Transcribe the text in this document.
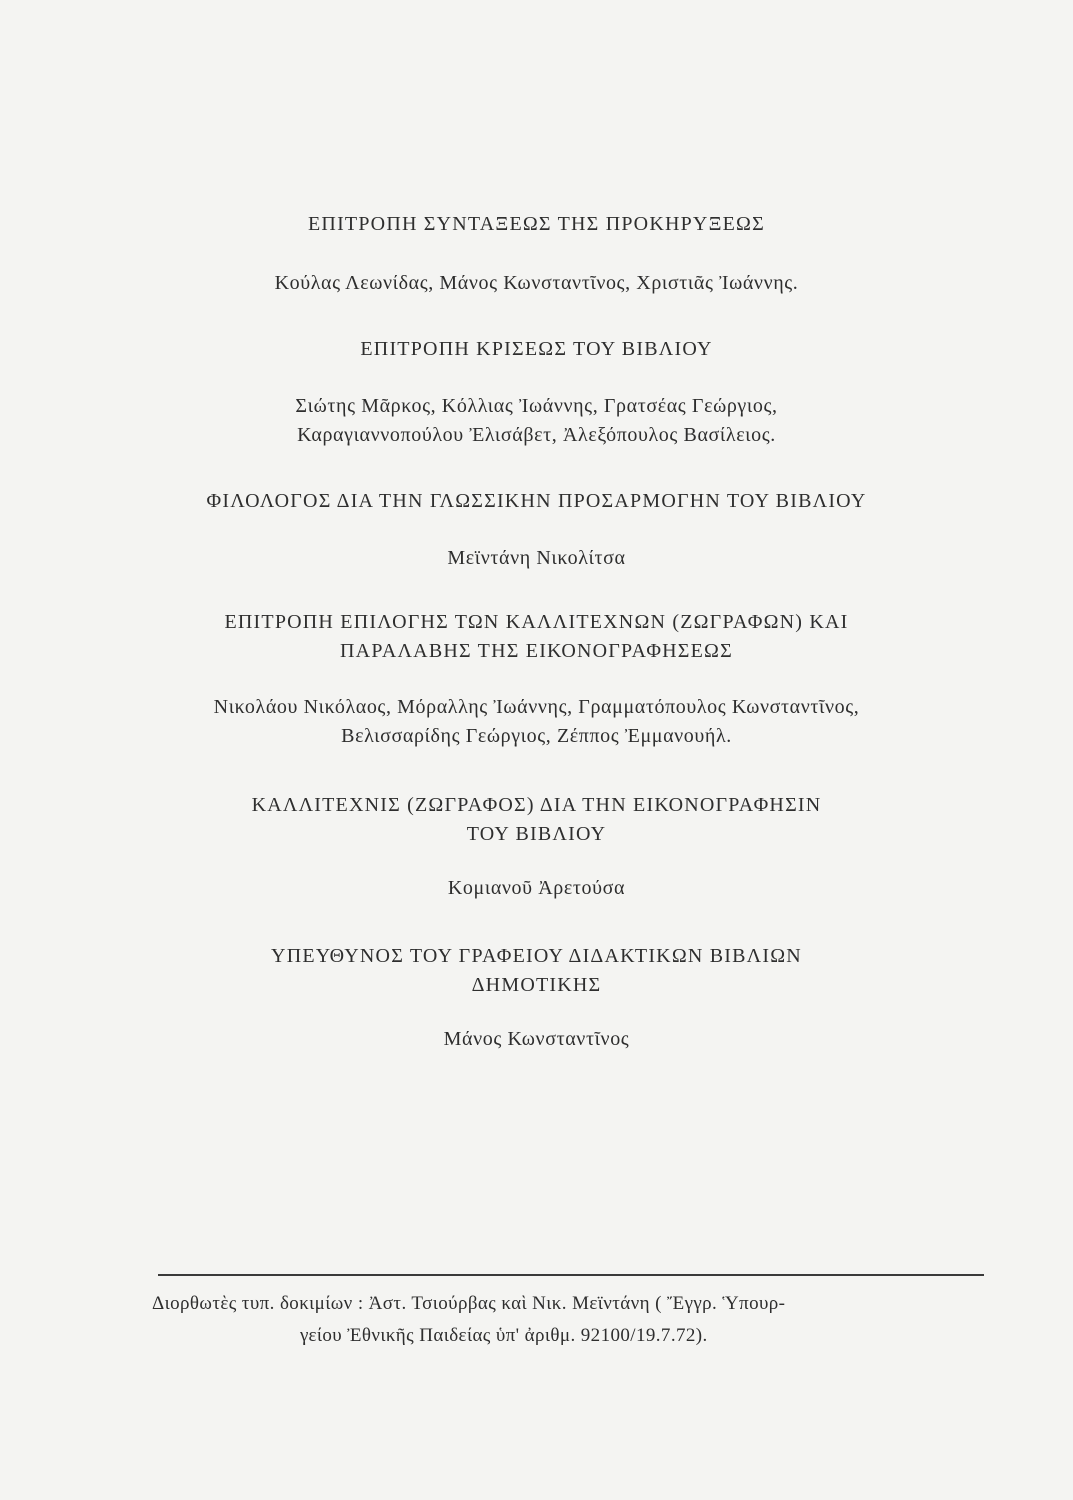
ΕΠΙΤΡΟΠΗ ΣΥΝΤΑΞΕΩΣ ΤΗΣ ΠΡΟΚΗΡΥΞΕΩΣ
Κούλας Λεωνίδας, Μάνος Κωνσταντῖνος, Χριστιᾶς Ἰωάννης.
ΕΠΙΤΡΟΠΗ ΚΡΙΣΕΩΣ ΤΟΥ ΒΙΒΛΙΟΥ
Σιώτης Μᾶρκος, Κόλλιας Ἰωάννης, Γρατσέας Γεώργιος,
Καραγιαννοπούλου Ἐλισάβετ, Ἀλεξόπουλος Βασίλειος.
ΦΙΛΟΛΟΓΟΣ ΔΙΑ ΤΗΝ ΓΛΩΣΣΙΚΗΝ ΠΡΟΣΑΡΜΟΓΗΝ ΤΟΥ ΒΙΒΛΙΟΥ
Μεϊντάνη Νικολίτσα
ΕΠΙΤΡΟΠΗ ΕΠΙΛΟΓΗΣ ΤΩΝ ΚΑΛΛΙΤΕΧΝΩΝ (ΖΩΓΡΑΦΩΝ) ΚΑΙ
ΠΑΡΑΛΑΒΗΣ ΤΗΣ ΕΙΚΟΝΟΓΡΑΦΗΣΕΩΣ
Νικολάου Νικόλαος, Μόραλλης Ἰωάννης, Γραμματόπουλος Κωνσταντῖνος,
Βελισσαρίδης Γεώργιος, Ζέππος Ἐμμανουήλ.
ΚΑΛΛΙΤΕΧΝΙΣ (ΖΩΓΡΑΦΟΣ) ΔΙΑ ΤΗΝ ΕΙΚΟΝΟΓΡΑΦΗΣΙΝ
ΤΟΥ ΒΙΒΛΙΟΥ
Κομιανοῦ Ἀρετούσα
ΥΠΕΥΘΥΝΟΣ ΤΟΥ ΓΡΑΦΕΙΟΥ ΔΙΔΑΚΤΙΚΩΝ ΒΙΒΛΙΩΝ
ΔΗΜΟΤΙΚΗΣ
Μάνος Κωνσταντῖνος
Διορθωτὲς τυπ. δοκιμίων : Ἀστ. Τσιούρβας καὶ Νικ. Μεϊντάνη ( Ἔγγρ. Ὑπουρ-
γείου Ἐθνικῆς Παιδείας ὑπ' ἀριθμ. 92100/19.7.72).
